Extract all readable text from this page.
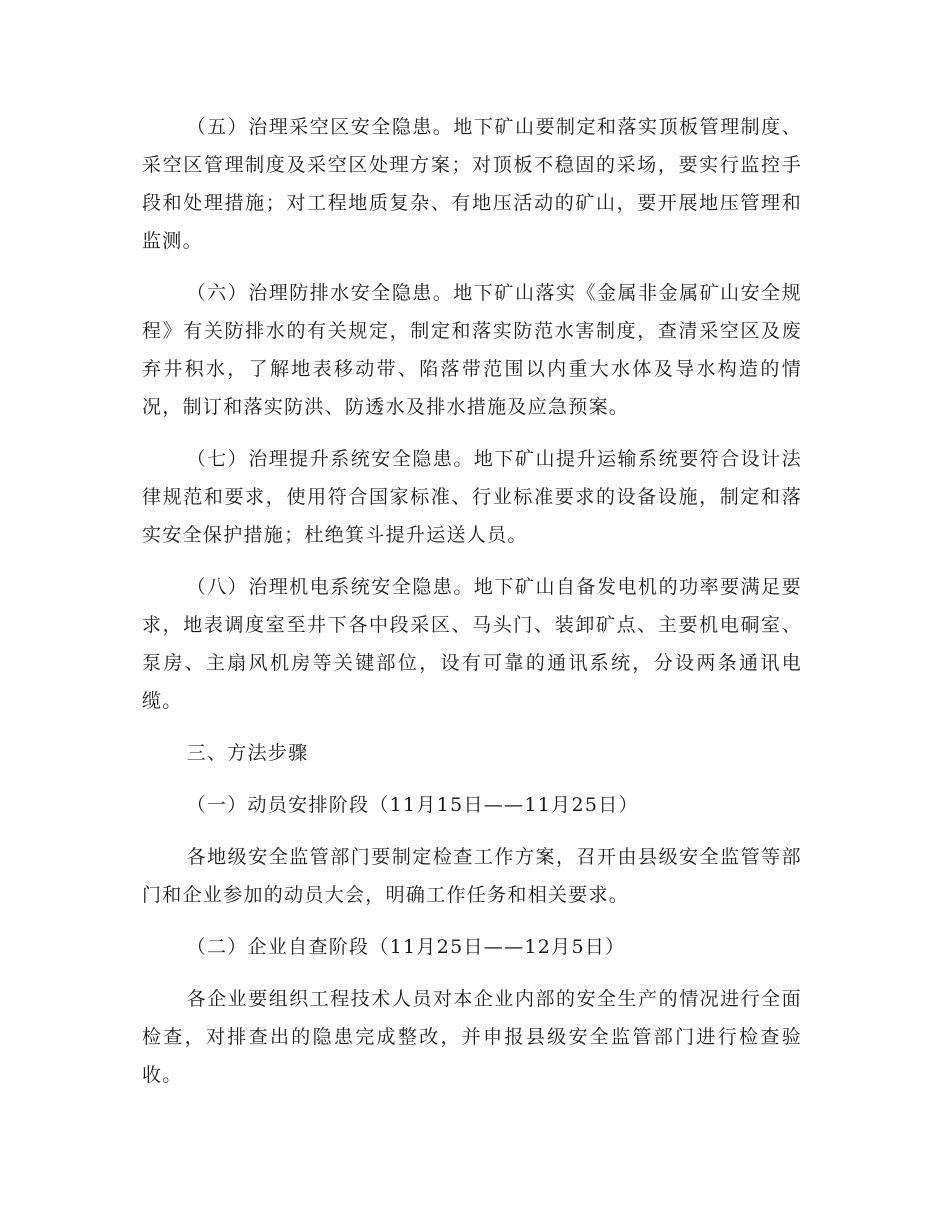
（五）治理采空区安全隐患。地下矿山要制定和落实顶板管理制度、采空区管理制度及采空区处理方案；对顶板不稳固的采场，要实行监控手段和处理措施；对工程地质复杂、有地压活动的矿山，要开展地压管理和监测。

（六）治理防排水安全隐患。地下矿山落实《金属非金属矿山安全规程》有关防排水的有关规定，制定和落实防范水害制度，查清采空区及废弃井积水，了解地表移动带、陷落带范围以内重大水体及导水构造的情况，制订和落实防洪、防透水及排水措施及应急预案。

（七）治理提升系统安全隐患。地下矿山提升运输系统要符合设计法律规范和要求，使用符合国家标准、行业标准要求的设备设施，制定和落实安全保护措施；杜绝箕斗提升运送人员。

（八）治理机电系统安全隐患。地下矿山自备发电机的功率要满足要求，地表调度室至井下各中段采区、马头门、装卸矿点、主要机电硐室、泵房、主扇风机房等关键部位，设有可靠的通讯系统，分设两条通讯电缆。

三、方法步骤

（一）动员安排阶段（11月15日——11月25日）

各地级安全监管部门要制定检查工作方案，召开由县级安全监管等部门和企业参加的动员大会，明确工作任务和相关要求。

（二）企业自查阶段（11月25日——12月5日）

各企业要组织工程技术人员对本企业内部的安全生产的情况进行全面检查，对排查出的隐患完成整改，并申报县级安全监管部门进行检查验收。
